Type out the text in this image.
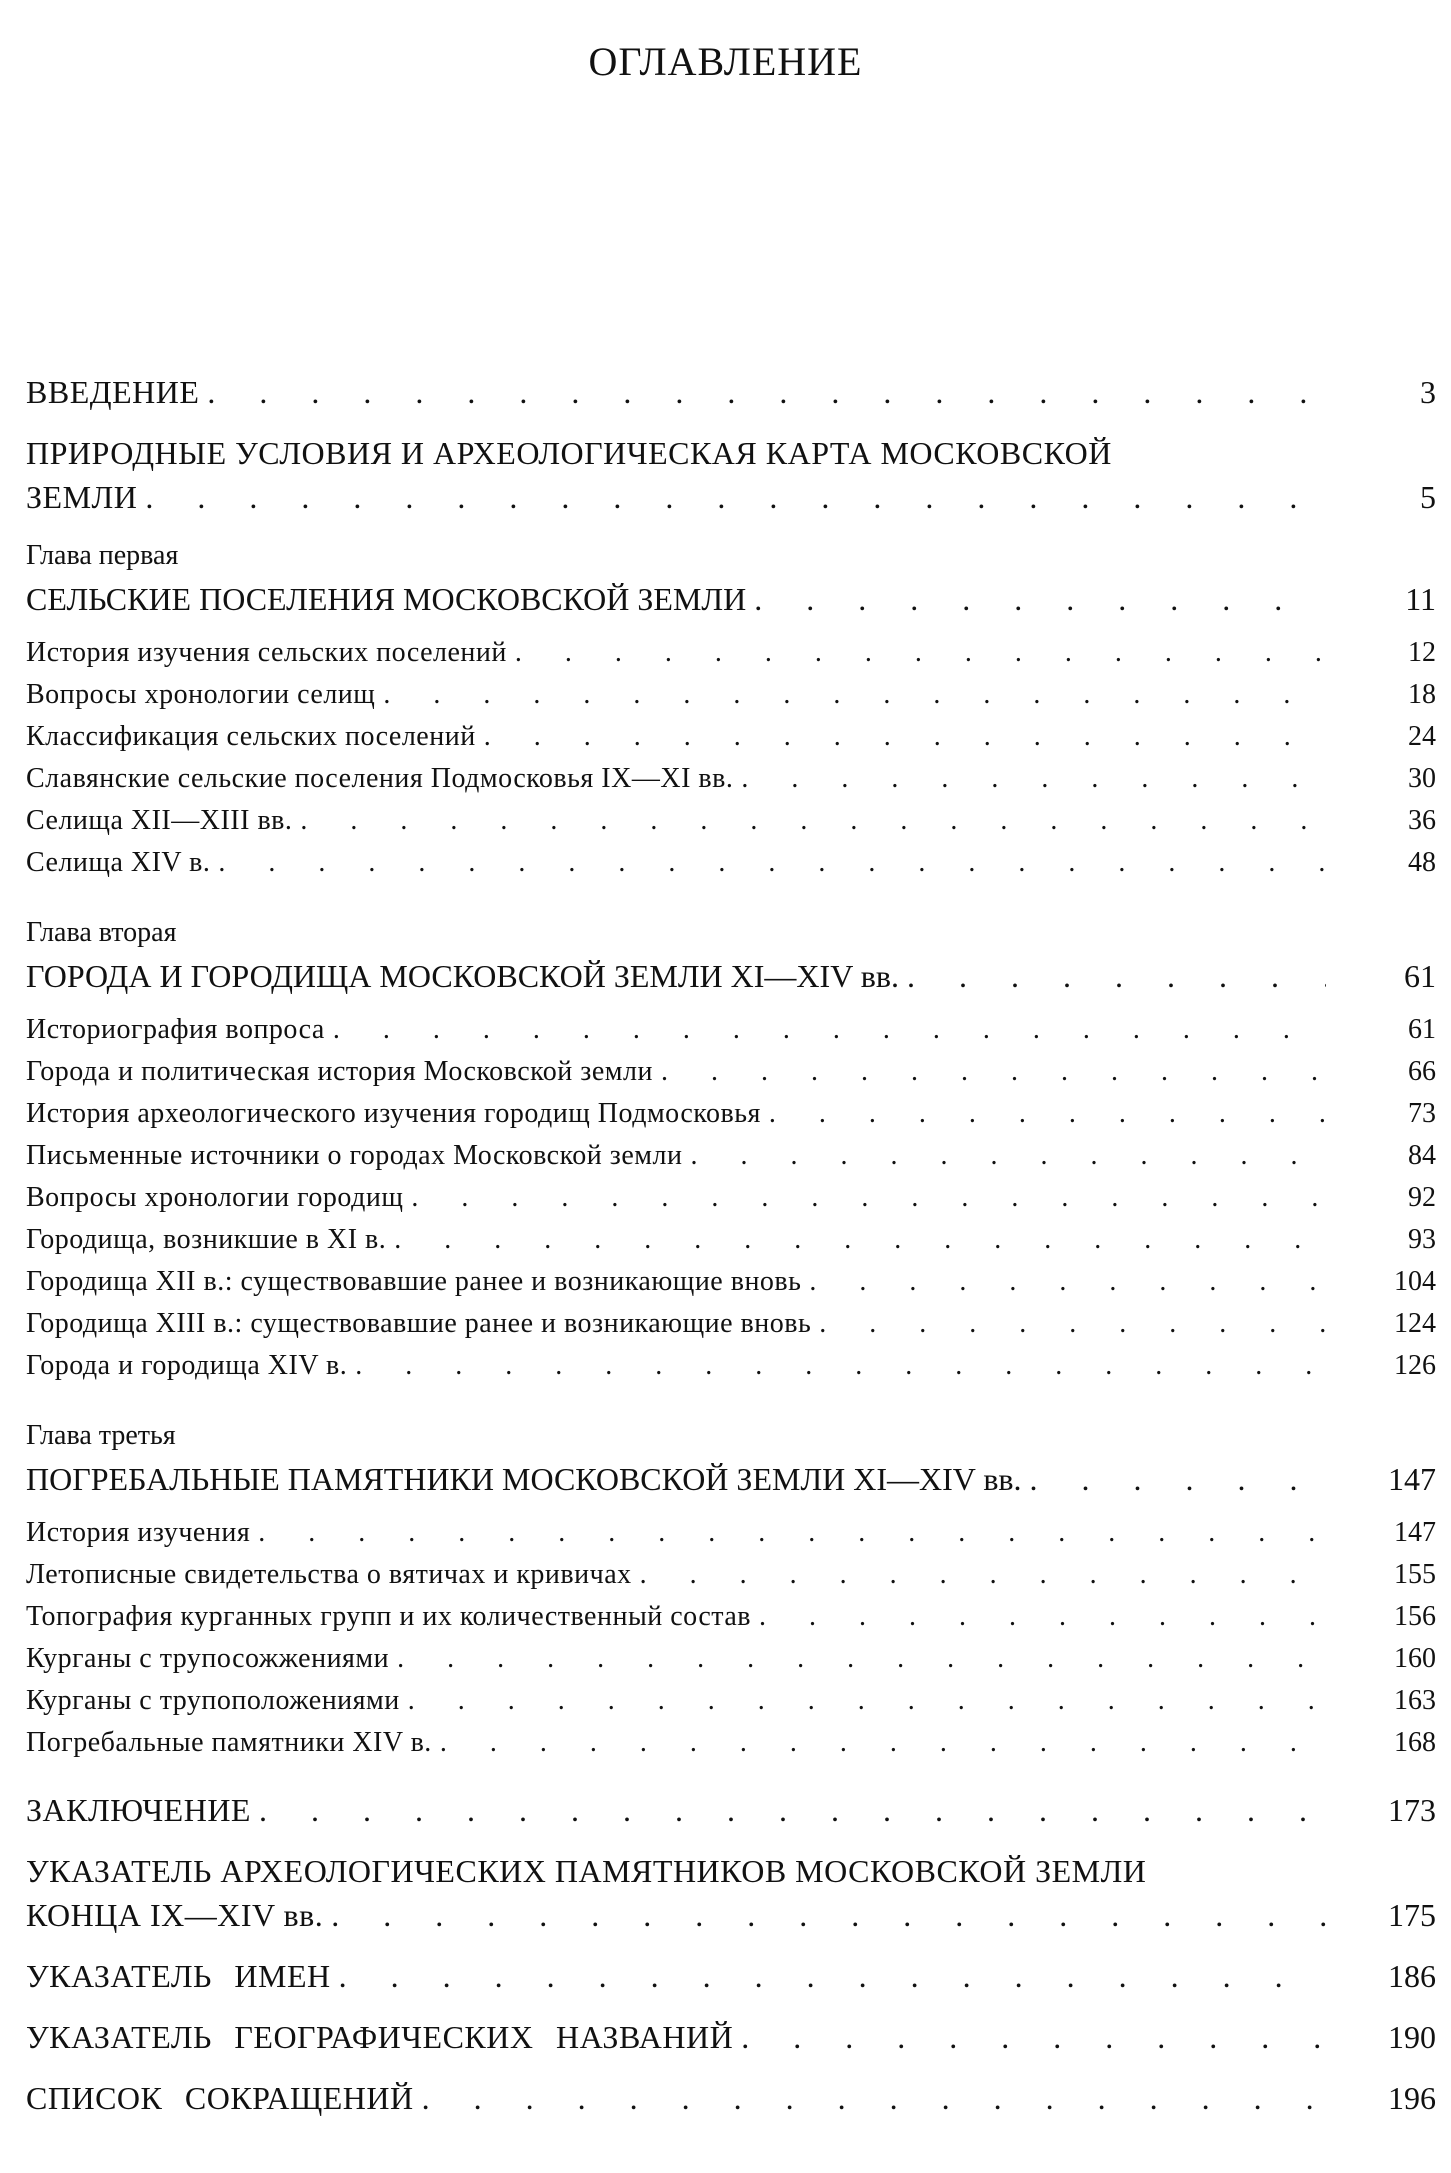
ОГЛАВЛЕНИЕ
ВВЕДЕНИЕ . . .	3
ПРИРОДНЫЕ УСЛОВИЯ И АРХЕОЛОГИЧЕСКАЯ КАРТА МОСКОВСКОЙ
ЗЕМЛИ . . .	5
Глава первая
СЕЛЬСКИЕ ПОСЕЛЕНИЯ МОСКОВСКОЙ ЗЕМЛИ . . .	11
История изучения сельских поселений . . .	12
Вопросы хронологии селищ . . .	18
Классификация сельских поселений . . .	24
Славянские сельские поселения Подмосковья IX—XI вв. . . .	30
Селища XII—XIII вв. . . .	36
Селища XIV в. . . .	48
Глава вторая
ГОРОДА И ГОРОДИЩА МОСКОВСКОЙ ЗЕМЛИ XI—XIV вв. . . .	61
Историография вопроса . . .	61
Города и политическая история Московской земли . . .	66
История археологического изучения городищ Подмосковья . . .	73
Письменные источники о городах Московской земли . . .	84
Вопросы хронологии городищ . . .	92
Городища, возникшие в XI в. . . .	93
Городища XII в.: существовавшие ранее и возникающие вновь . . .	104
Городища XIII в.: существовавшие ранее и возникающие вновь . . .	124
Города и городища XIV в. . . .	126
Глава третья
ПОГРЕБАЛЬНЫЕ ПАМЯТНИКИ МОСКОВСКОЙ ЗЕМЛИ XI—XIV вв. . . .	147
История изучения . . .	147
Летописные свидетельства о вятичах и кривичах . . .	155
Топография курганных групп и их количественный состав . . .	156
Курганы с трупосожжениями . . .	160
Курганы с трупоположениями . . .	163
Погребальные памятники XIV в. . . .	168
ЗАКЛЮЧЕНИЕ . . .	173
УКАЗАТЕЛЬ АРХЕОЛОГИЧЕСКИХ ПАМЯТНИКОВ МОСКОВСКОЙ ЗЕМЛИ
КОНЦА IX—XIV вв. . . .	175
УКАЗАТЕЛЬ ИМЕН . . .	186
УКАЗАТЕЛЬ ГЕОГРАФИЧЕСКИХ НАЗВАНИЙ . . .	190
СПИСОК СОКРАЩЕНИЙ . . .	196
